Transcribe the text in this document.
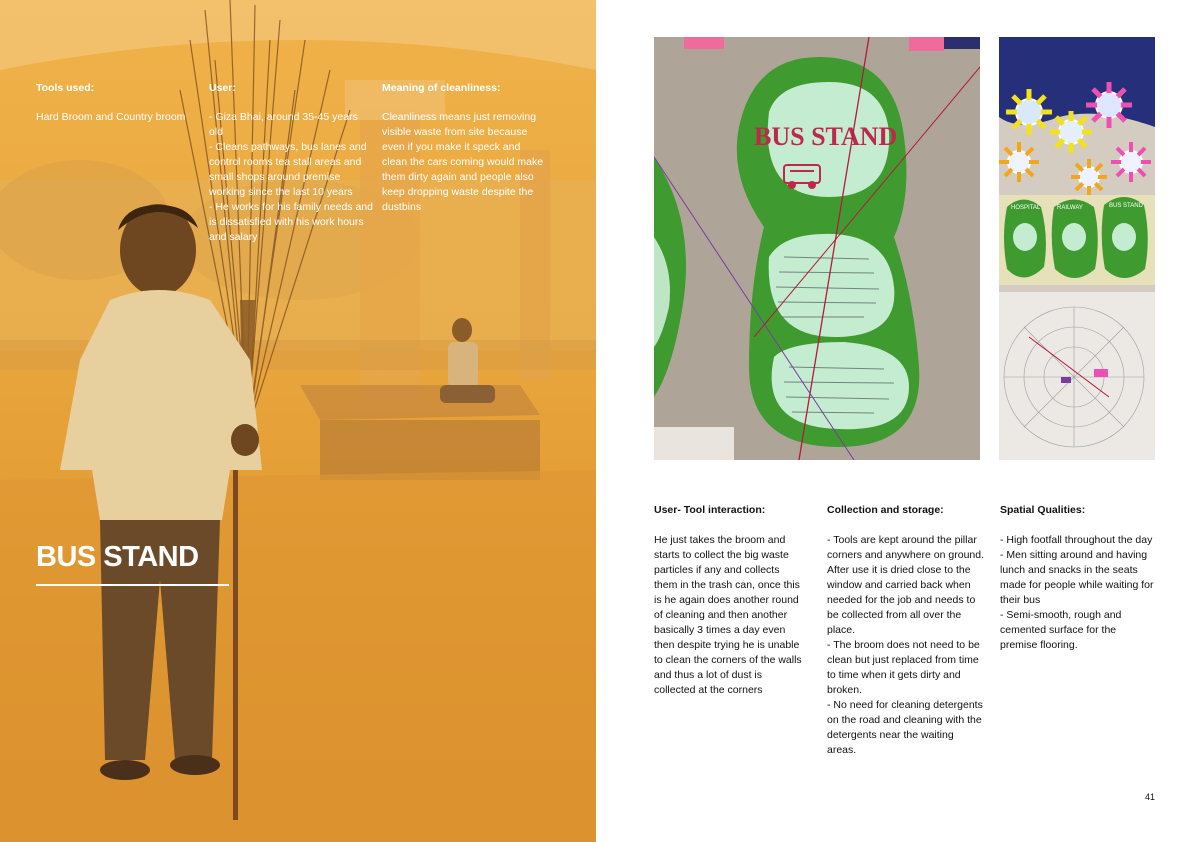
Tools used:
Hard Broom and Country broom
User:
- Giza Bhai, around 35-45 years old
- Cleans pathways, bus lanes and control rooms tea stall areas and small shops around premise working since the last 10 years
- He works for his family needs and is dissatisfied with his work hours and salary
Meaning of cleanliness:
Cleanliness means just removing visible waste from site because even if you make it speck and clean the cars coming would make them dirty again and people also keep dropping waste despite the dustbins
BUS STAND
BUS STAND
HOSPITAL	RAILWAY	BUS STAND
User- Tool interaction:
He just takes the broom and starts to collect the big waste particles if any and collects them in the trash can, once this is he again does another round of cleaning and then another basically 3 times a day even then despite trying he is unable to clean the corners of the walls and thus a lot of dust is collected at the corners
Collection and storage:
- Tools are kept around the pillar corners and anywhere on ground. After use it is dried close to the window and carried back when needed for the job and needs to be collected from all over the place.
- The broom does not need to be clean but just replaced from time to time when it gets dirty and broken.
- No need for cleaning detergents on the road and cleaning with the detergents near the waiting areas.
Spatial Qualities:
- High footfall throughout the day
- Men sitting around and having lunch and snacks in the seats made for people while waiting for their bus
- Semi-smooth, rough and cemented surface for the premise flooring.
41
